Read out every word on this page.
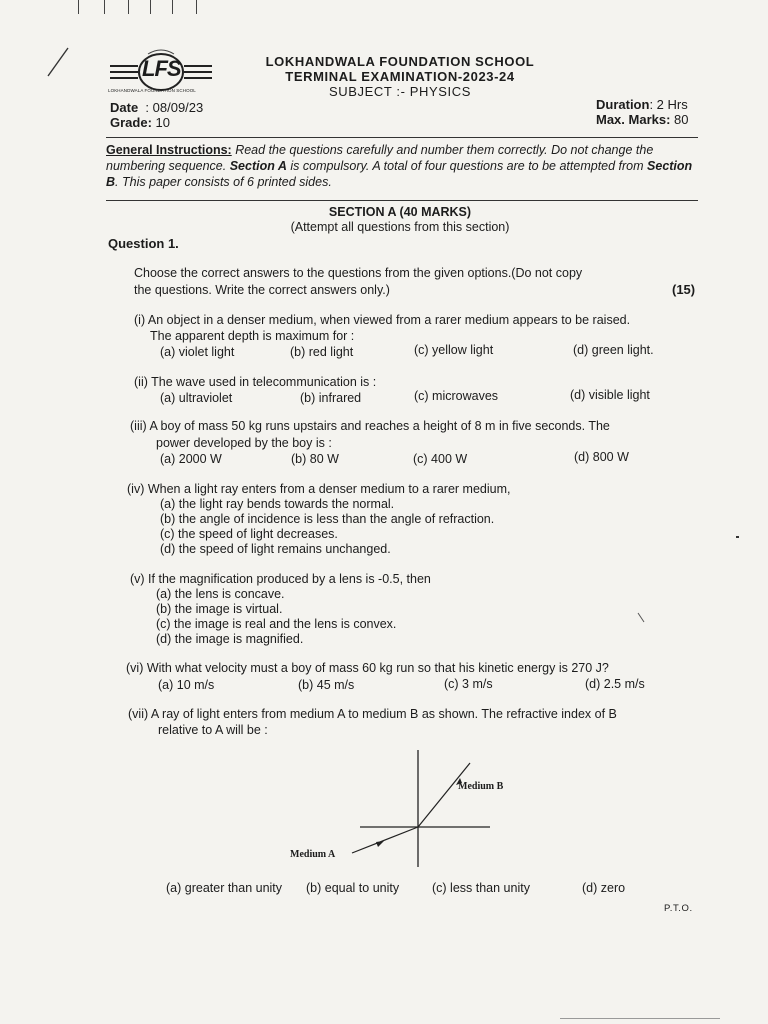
LFS
LOKHANDWALA FOUNDATION SCHOOL
LOKHANDWALA FOUNDATION SCHOOL
TERMINAL EXAMINATION-2023-24
SUBJECT :- PHYSICS
Date : 08/09/23
Grade: 10
Duration: 2 Hrs
Max. Marks: 80
General Instructions: Read the questions carefully and number them correctly. Do not change the numbering sequence. Section A is compulsory. A total of four questions are to be attempted from Section B. This paper consists of 6 printed sides.
SECTION A (40 MARKS)
(Attempt all questions from this section)
Question 1.
Choose the correct answers to the questions from the given options.(Do not copy
the questions. Write the correct answers only.)	(15)
(i) An object in a denser medium, when viewed from a rarer medium appears to be raised.
The apparent depth is maximum for :
(a) violet light	(b) red light	(c) yellow light	(d) green light.
(ii) The wave used in telecommunication is :
(a) ultraviolet	(b) infrared	(c) microwaves	(d) visible light
(iii) A boy of mass 50 kg runs upstairs and reaches a height of 8 m in five seconds. The
power developed by the boy is :
(a) 2000 W	(b) 80 W	(c) 400 W	(d) 800 W
(iv) When a light ray enters from a denser medium to a rarer medium,
(a) the light ray bends towards the normal.
(b) the angle of incidence is less than the angle of refraction.
(c) the speed of light decreases.
(d) the speed of light remains unchanged.
(v) If the magnification produced by a lens is -0.5, then
(a) the lens is concave.
(b) the image is virtual.
(c) the image is real and the lens is convex.
(d) the image is magnified.
(vi) With what velocity must a boy of mass 60 kg run so that his kinetic energy is 270 J?
(a) 10 m/s	(b) 45 m/s	(c) 3 m/s	(d) 2.5 m/s
(vii) A ray of light enters from medium A to medium B as shown. The refractive index of B
relative to A will be :
Medium B
Medium A
(a) greater than unity (b) equal to unity	(c) less than unity	(d) zero
P.T.O.
